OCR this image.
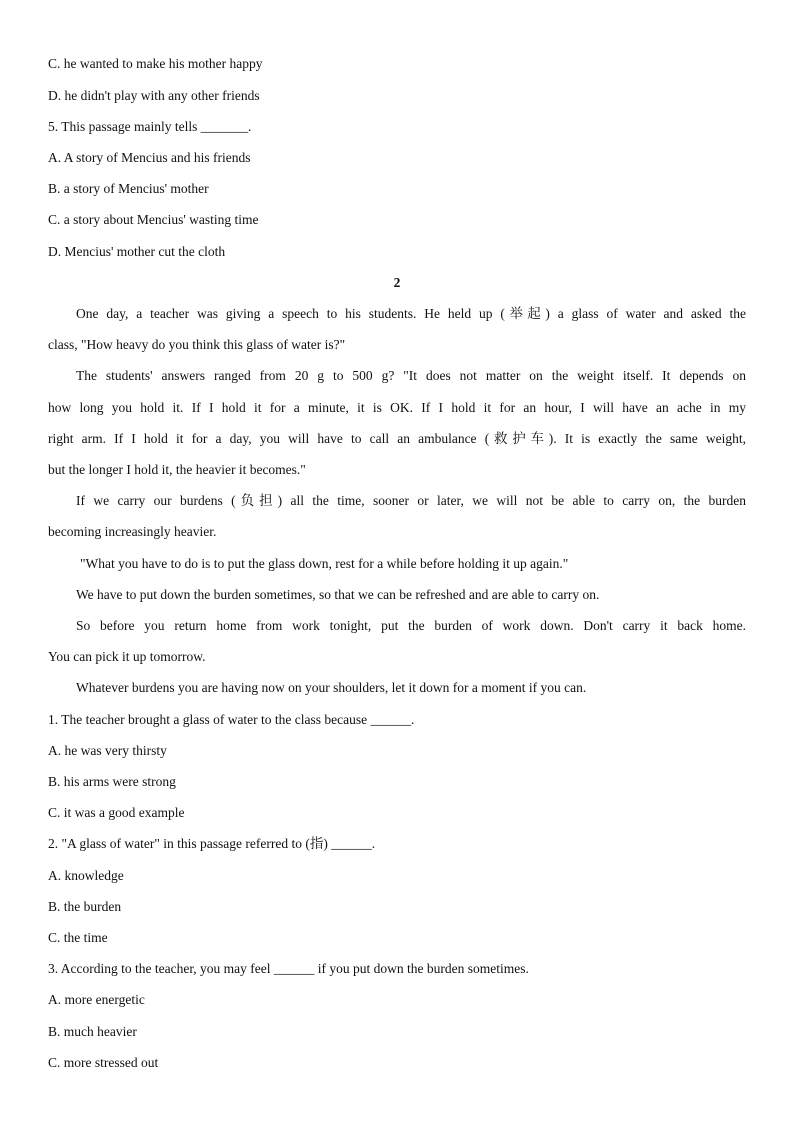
C. he wanted to make his mother happy
D. he didn't play with any other friends
5. This passage mainly tells _______.
A. A story of Mencius and his friends
B. a story of Mencius' mother
C. a story about Mencius' wasting time
D. Mencius' mother cut the cloth
2
One day, a teacher was giving a speech to his students. He held up (举起) a glass of water and asked the
class, "How heavy do you think this glass of water is?"
The students' answers ranged from 20 g to 500 g? "It does not matter on the weight itself. It depends on
how long you hold it. If I hold it for a minute, it is OK. If I hold it for an hour, I will have an ache in my
right arm. If I hold it for a day, you will have to call an ambulance (救护车). It is exactly the same weight,
but the longer I hold it, the heavier it becomes."
If we carry our burdens (负担) all the time, sooner or later, we will not be able to carry on, the burden
becoming increasingly heavier.
"What you have to do is to put the glass down, rest for a while before holding it up again."
We have to put down the burden sometimes, so that we can be refreshed and are able to carry on.
So before you return home from work tonight, put the burden of work down. Don't carry it back home.
You can pick it up tomorrow.
Whatever burdens you are having now on your shoulders, let it down for a moment if you can.
1. The teacher brought a glass of water to the class because ______.
A. he was very thirsty
B. his arms were strong
C. it was a good example
2. "A glass of water" in this passage referred to (指) ______.
A. knowledge
B. the burden
C. the time
3. According to the teacher, you may feel ______ if you put down the burden sometimes.
A. more energetic
B. much heavier
C. more stressed out
